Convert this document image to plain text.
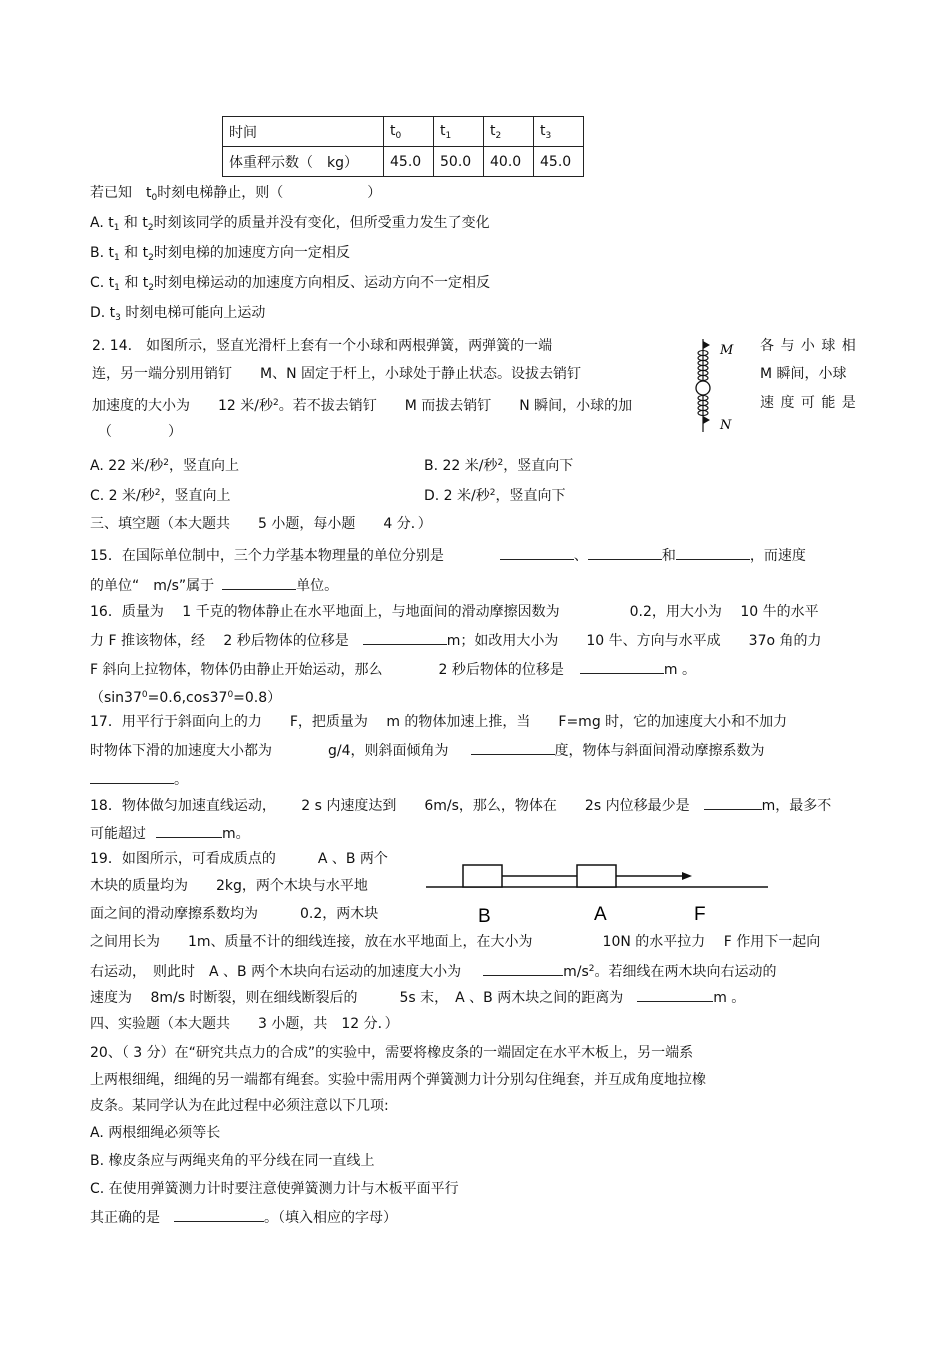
时间	$t_0$	$t_1$	$t_2$	$t_3$
体重秤示数（　kg）	45.0	50.0	40.0	45.0
若已知　$t_0$时刻电梯静止，则（　　　　　　）
A. $t_1$ 和 $t_2$时刻该同学的质量并没有变化，但所受重力发生了变化
B. $t_1$ 和 $t_2$时刻电梯的加速度方向一定相反
C. $t_1$ 和 $t_2$时刻电梯运动的加速度方向相反、运动方向不一定相反
D. $t_3$ 时刻电梯可能向上运动
2. 14.　如图所示，竖直光滑杆上套有一个小球和两根弹簧，两弹簧的一端	各 与 小 球 相
连，另一端分别用销钉　　M、N 固定于杆上，小球处于静止状态。设拔去销钉	M 瞬间，小球
加速度的大小为　　12 米/秒$^2$。若不拔去销钉　　M 而拔去销钉　　N 瞬间，小球的加	速 度 可 能 是
（　　　　）
M
N
A. 22 米/秒$^2$，竖直向上	B. 22 米/秒$^2$，竖直向下
C. 2 米/秒$^2$，竖直向上	D. 2 米/秒$^2$，竖直向下
三、填空题（本大题共　　5 小题，每小题　　4 分．）
15．在国际单位制中，三个力学基本物理量的单位分别是	、	和	，而速度
的单位“　m/s”属于	单位。
16．质量为　 1 千克的物体静止在水平地面上，与地面间的滑动摩擦因数为　　　　　0.2，用大小为　 10 牛的水平
力 F 推该物体，经　 2 秒后物体的位移是	m；如改用大小为　　10 牛、方向与水平成　　37o 角的力
F 斜向上拉物体，物体仍由静止开始运动，那么　　　　2 秒后物体的位移是	m 。
$(\sin 37^0=0.6,\cos 37^0=0.8)$
17．用平行于斜面向上的力　　F，把质量为　 m 的物体加速上推，当　　F=mg 时，它的加速度大小和不加力
时物体下滑的加速度大小都为　　　　g/4，则斜面倾角为	度，物体与斜面间滑动摩擦系数为
。
18．物体做匀加速直线运动，　　 2 s 内速度达到　　6m/s，那么，物体在　　2s 内位移最少是	m，最多不
可能超过	m。
19．如图所示，可看成质点的　　　A 、B 两个
木块的质量均为　　2kg，两个木块与水平地
面之间的滑动摩擦系数均为　　　0.2，两木块	B	A	F
之间用长为　　1m、质量不计的细线连接，放在水平地面上，在大小为　　　　　10N 的水平拉力　 F 作用下一起向
右运动，　则此时　A 、B 两个木块向右运动的加速度大小为	$m/s^2$。若细线在两木块向右运动的
速度为　 8m/s 时断裂，则在细线断裂后的　　　5s 末，　A 、B 两木块之间的距离为	m 。
四、实验题（本大题共　　3 小题，共　12 分．）
20、（ 3 分）在“研究共点力的合成”的实验中，需要将橡皮条的一端固定在水平木板上，另一端系
上两根细绳，细绳的另一端都有绳套。实验中需用两个弹簧测力计分别勾住绳套，并互成角度地拉橡
皮条。某同学认为在此过程中必须注意以下几项:
A. 两根细绳必须等长
B. 橡皮条应与两绳夹角的平分线在同一直线上
C. 在使用弹簧测力计时要注意使弹簧测力计与木板平面平行
其正确的是	。（填入相应的字母）
